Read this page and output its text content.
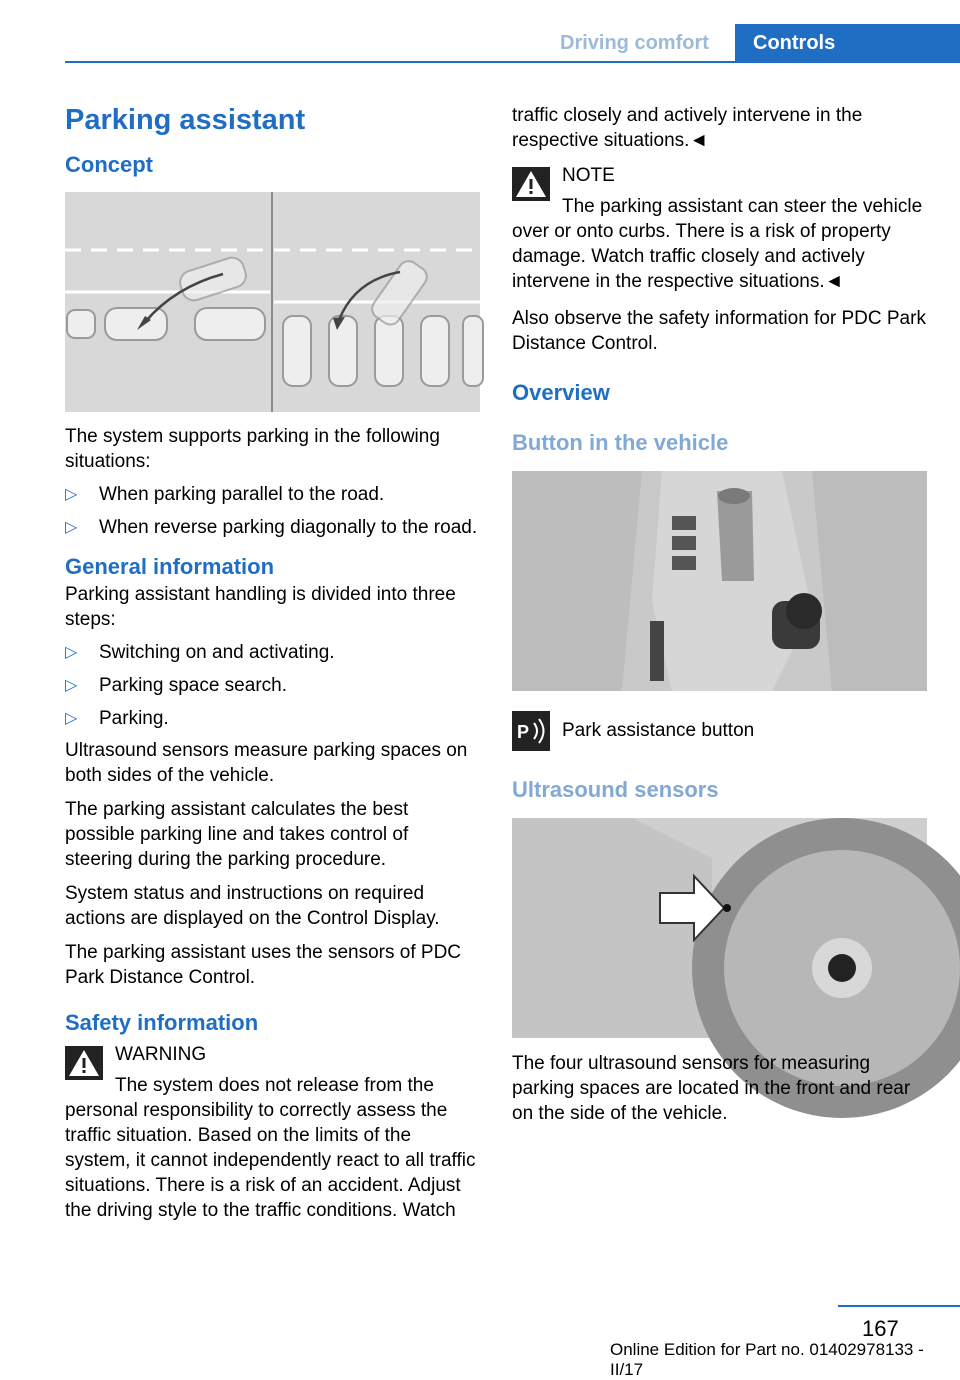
Driving comfort	Controls
Parking assistant
Concept

The system supports parking in the following situations:

▷ When parking parallel to the road.
▷ When reverse parking diagonally to the road.
General information

Parking assistant handling is divided into three steps:

▷ Switching on and activating.
▷ Parking space search.
▷ Parking.

Ultrasound sensors measure parking spaces on both sides of the vehicle.

The parking assistant calculates the best possible parking line and takes control of steering during the parking procedure.

System status and instructions on required actions are displayed on the Control Display.

The parking assistant uses the sensors of PDC Park Distance Control.

Safety information

WARNING

The system does not release from the personal responsibility to correctly assess the traffic situation. Based on the limits of the system, it cannot independently react to all traffic situations. There is a risk of an accident. Adjust the driving style to the traffic conditions. Watch

traffic closely and actively intervene in the respective situations.◄

NOTE

The parking assistant can steer the vehicle over or onto curbs. There is a risk of property damage. Watch traffic closely and actively intervene in the respective situations.◄

Also observe the safety information for PDC Park Distance Control.

Overview
Button in the vehicle
P Park assistance button

Ultrasound sensors

The four ultrasound sensors for measuring parking spaces are located in the front and rear on the side of the vehicle.

167
Online Edition for Part no. 01402978133 - II/17
